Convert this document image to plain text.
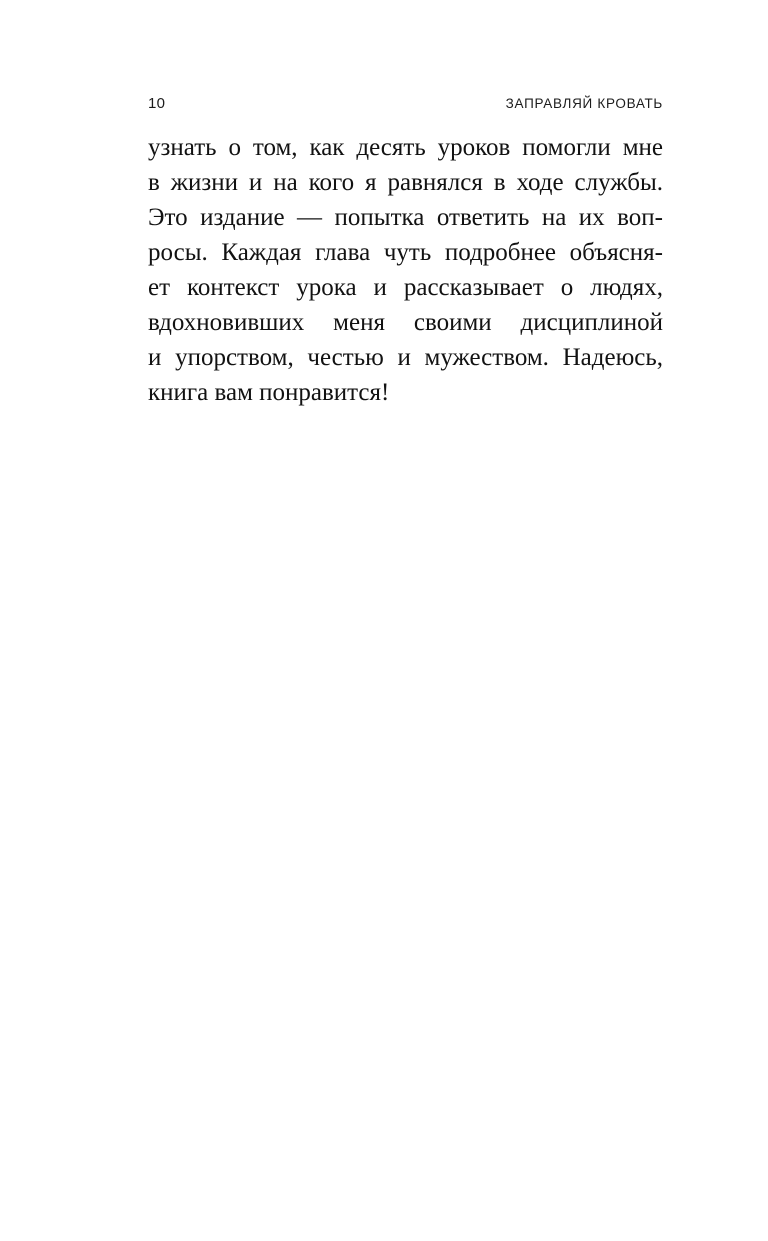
10	ЗАПРАВЛЯЙ КРОВАТЬ

узнать о том, как десять уроков помогли мне

в жизни и на кого я равнялся в ходе службы.

Это издание — попытка ответить на их воп-

росы. Каждая глава чуть подробнее объясня-

ет контекст урока и рассказывает о людях,

вдохновивших меня своими дисциплиной

и упорством, честью и мужеством. Надеюсь,

книга вам понравится!
